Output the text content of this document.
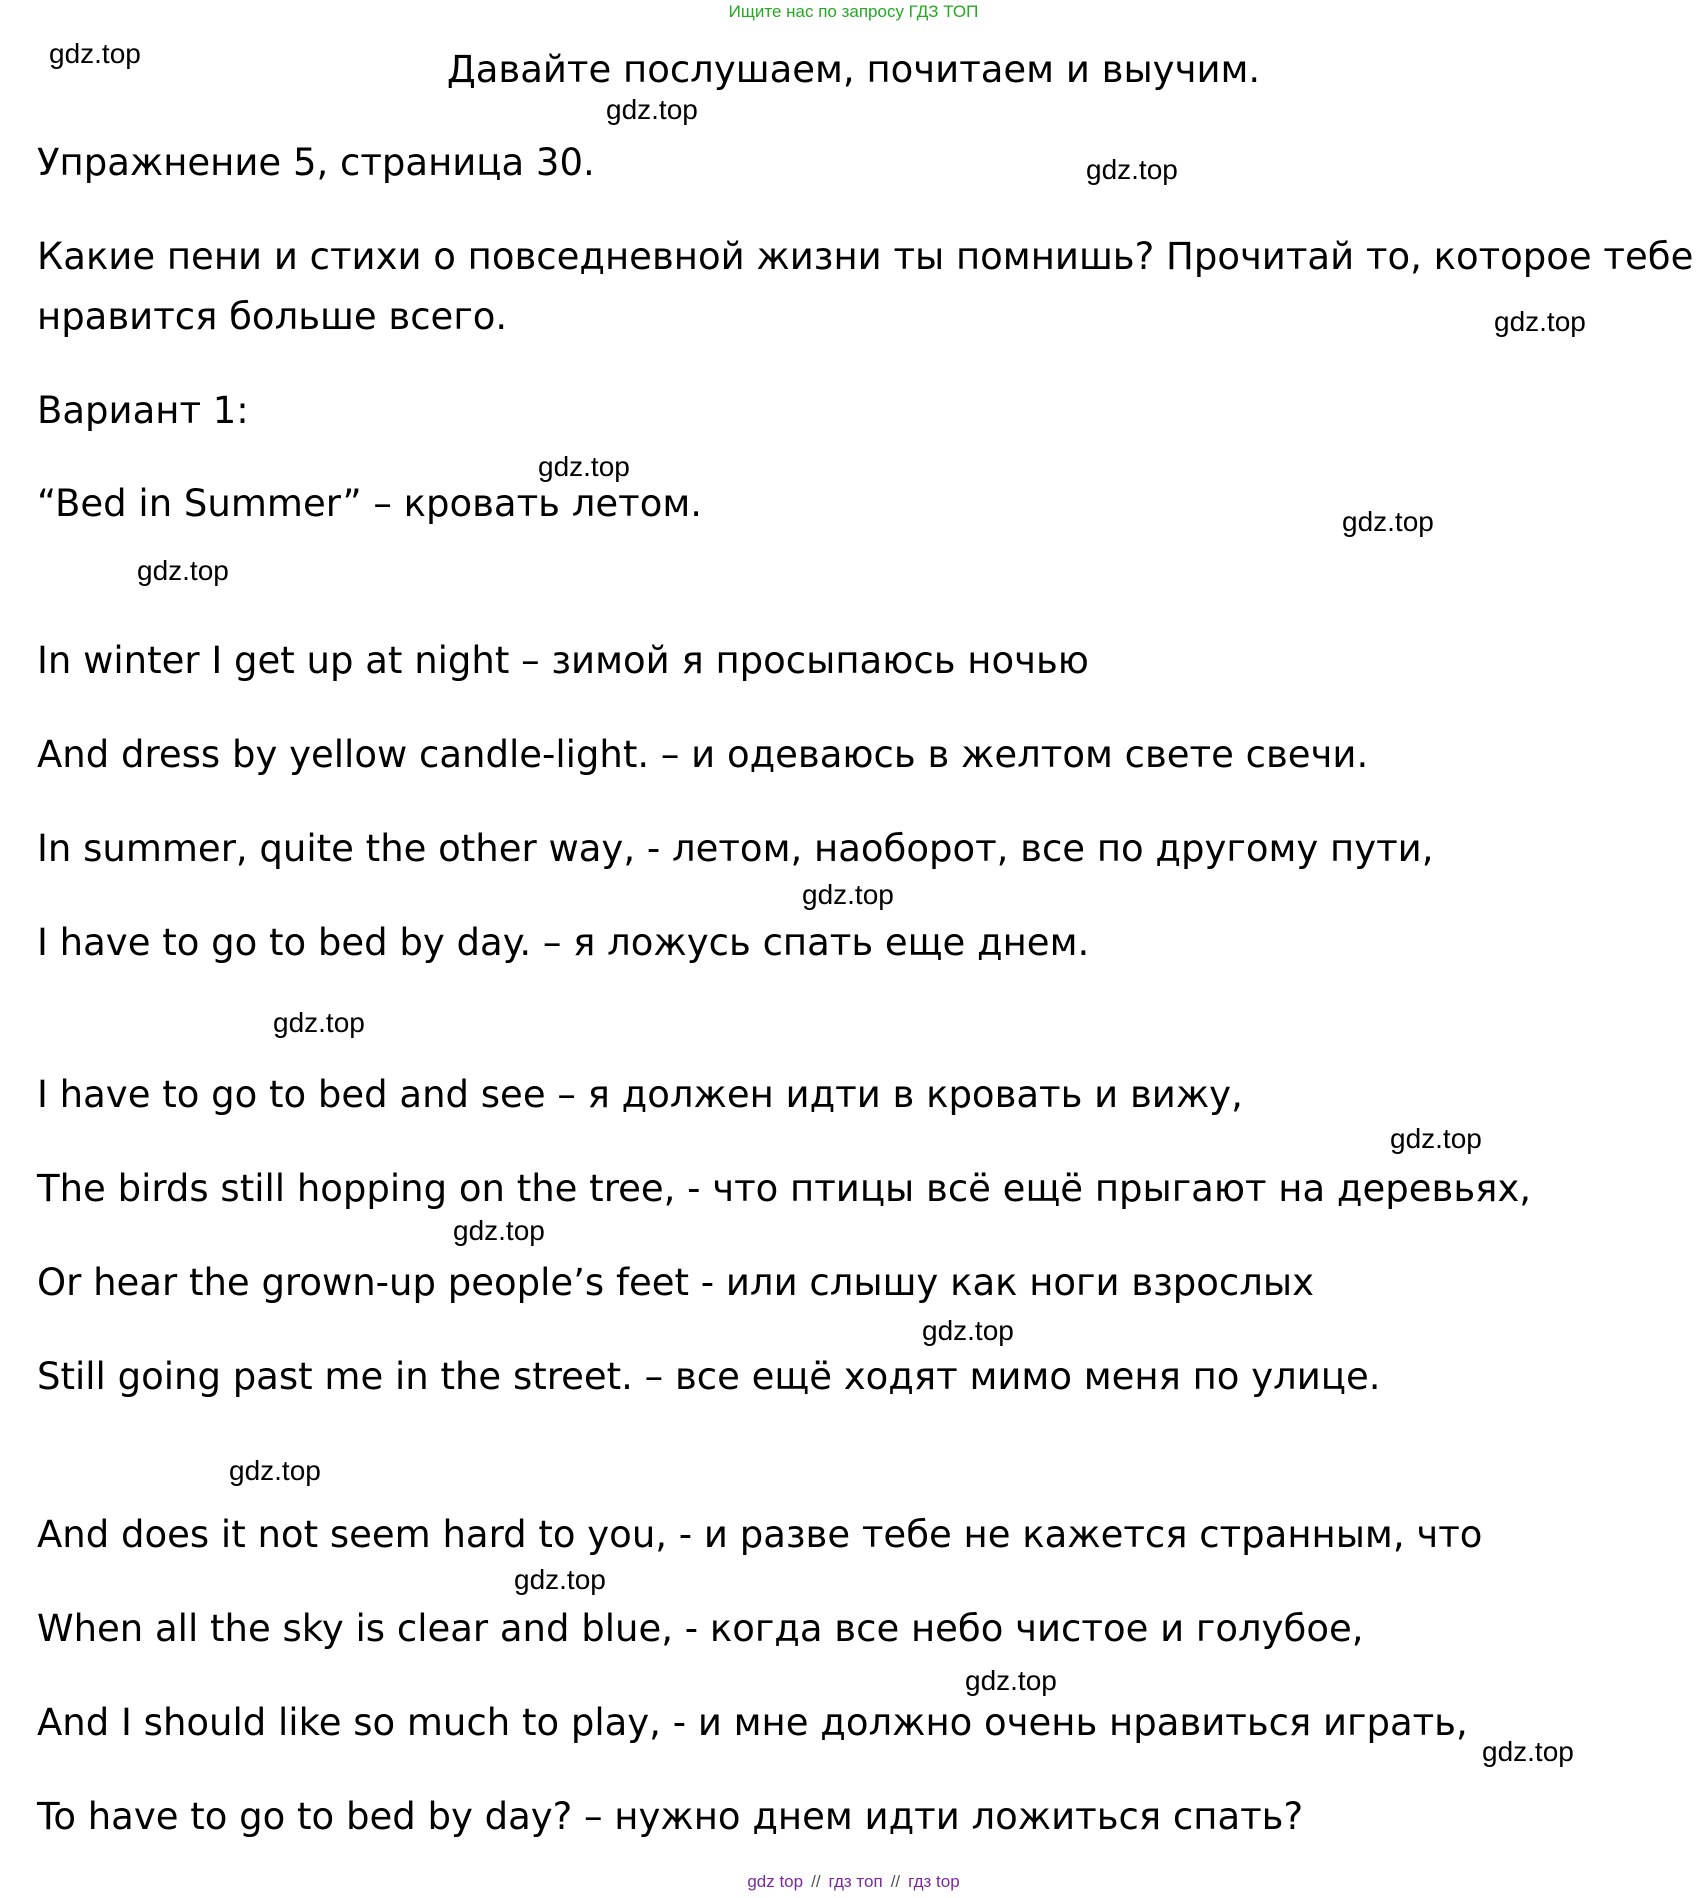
Ищите нас по запросу ГДЗ ТОП
Давайте послушаем, почитаем и выучим.
Упражнение 5, страница 30.
Какие пени и стихи о повседневной жизни ты помнишь? Прочитай то, которое тебе
нравится больше всего.
Вариант 1:
“Bed in Summer” – кровать летом.
In winter I get up at night – зимой я просыпаюсь ночью
And dress by yellow candle-light. – и одеваюсь в желтом свете свечи.
In summer, quite the other way, - летом, наоборот, все по другому пути,
I have to go to bed by day. – я ложусь спать еще днем.
I have to go to bed and see – я должен идти в кровать и вижу,
The birds still hopping on the tree, - что птицы всё ещё прыгают на деревьях,
Or hear the grown-up people’s feet - или слышу как ноги взрослых
Still going past me in the street. – все ещё ходят мимо меня по улице.
And does it not seem hard to you, - и разве тебе не кажется странным, что
When all the sky is clear and blue, - когда все небо чистое и голубое,
And I should like so much to play, - и мне должно очень нравиться играть,
To have to go to bed by day? – нужно днем идти ложиться спать?
gdz.top
gdz.top
gdz.top
gdz.top
gdz.top
gdz.top
gdz.top
gdz.top
gdz.top
gdz.top
gdz.top
gdz.top
gdz.top
gdz.top
gdz.top
gdz.top
gdz top // гдз топ // гдз top
